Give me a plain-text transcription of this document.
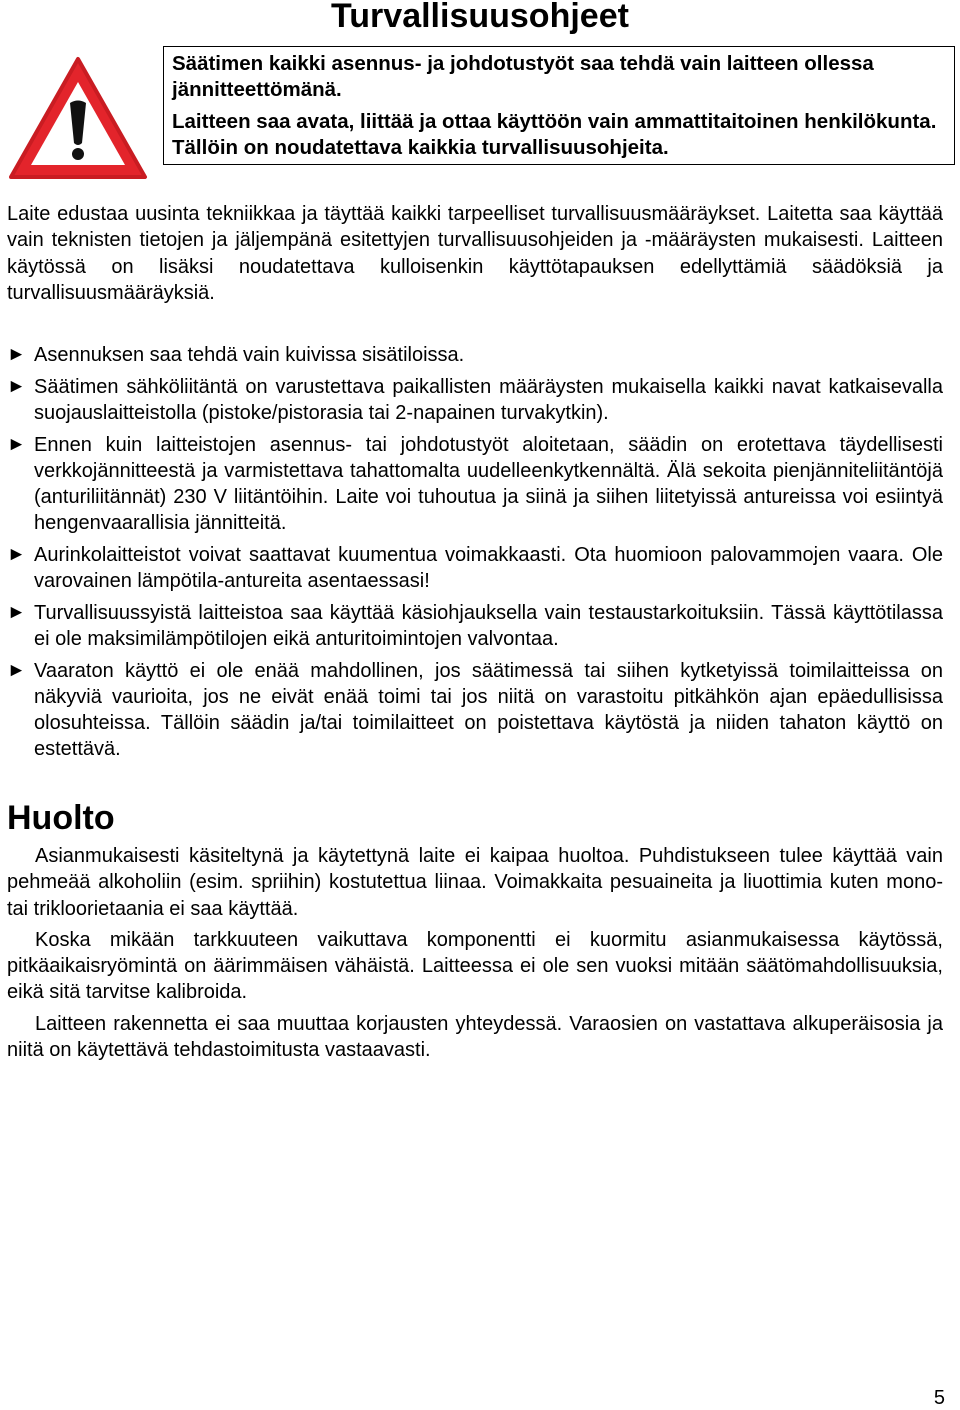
Turvallisuusohjeet

Säätimen kaikki asennus- ja johdotustyöt saa tehdä vain laitteen ollessa jännitteettömänä.

Laitteen saa avata, liittää ja ottaa käyttöön vain ammattitaitoinen henkilökunta. Tällöin on noudatettava kaikkia turvallisuusohjeita.

Laite edustaa uusinta tekniikkaa ja täyttää kaikki tarpeelliset turvallisuusmääräykset. Laitetta saa käyttää vain teknisten tietojen ja jäljempänä esitettyjen turvallisuusohjeiden ja -määräysten mukaisesti. Laitteen käytössä on lisäksi noudatettava kulloisenkin käyttötapauksen edellyttämiä säädöksiä ja turvallisuusmääräyksiä.

► Asennuksen saa tehdä vain kuivissa sisätiloissa.
► Säätimen sähköliitäntä on varustettava paikallisten määräysten mukaisella kaikki navat katkaisevalla suojauslaitteistolla (pistoke/pistorasia tai 2-napainen turvakytkin).
► Ennen kuin laitteistojen asennus- tai johdotustyöt aloitetaan, säädin on erotettava täydellisesti verkkojännitteestä ja varmistettava tahattomalta uudelleenkytkennältä. Älä sekoita pienjänniteliitäntöjä (anturiliitännät) 230 V liitäntöihin. Laite voi tuhoutua ja siinä ja siihen liitetyissä antureissa voi esiintyä hengenvaarallisia jännitteitä.
► Aurinkolaitteistot voivat saattavat kuumentua voimakkaasti. Ota huomioon palovammojen vaara. Ole varovainen lämpötila-antureita asentaessasi!
► Turvallisuussyistä laitteistoa saa käyttää käsiohjauksella vain testaustarkoituksiin. Tässä käyttötilassa ei ole maksimilämpötilojen eikä anturitoimintojen valvontaa.
► Vaaraton käyttö ei ole enää mahdollinen, jos säätimessä tai siihen kytketyissä toimilaitteissa on näkyviä vaurioita, jos ne eivät enää toimi tai jos niitä on varastoitu pitkähkön ajan epäedullisissa olosuhteissa. Tällöin säädin ja/tai toimilaitteet on poistettava käytöstä ja niiden tahaton käyttö on estettävä.
Huolto

Asianmukaisesti käsiteltynä ja käytettynä laite ei kaipaa huoltoa. Puhdistukseen tulee käyttää vain pehmeää alkoholiin (esim. spriihin) kostutettua liinaa. Voimakkaita pesuaineita ja liuottimia kuten mono- tai trikloorietaania ei saa käyttää.

Koska mikään tarkkuuteen vaikuttava komponentti ei kuormitu asianmukaisessa käytössä, pitkäaikaisryömintä on äärimmäisen vähäistä. Laitteessa ei ole sen vuoksi mitään säätömahdollisuuksia, eikä sitä tarvitse kalibroida.

Laitteen rakennetta ei saa muuttaa korjausten yhteydessä. Varaosien on vastattava alkuperäisosia ja niitä on käytettävä tehdastoimitusta vastaavasti.

5
